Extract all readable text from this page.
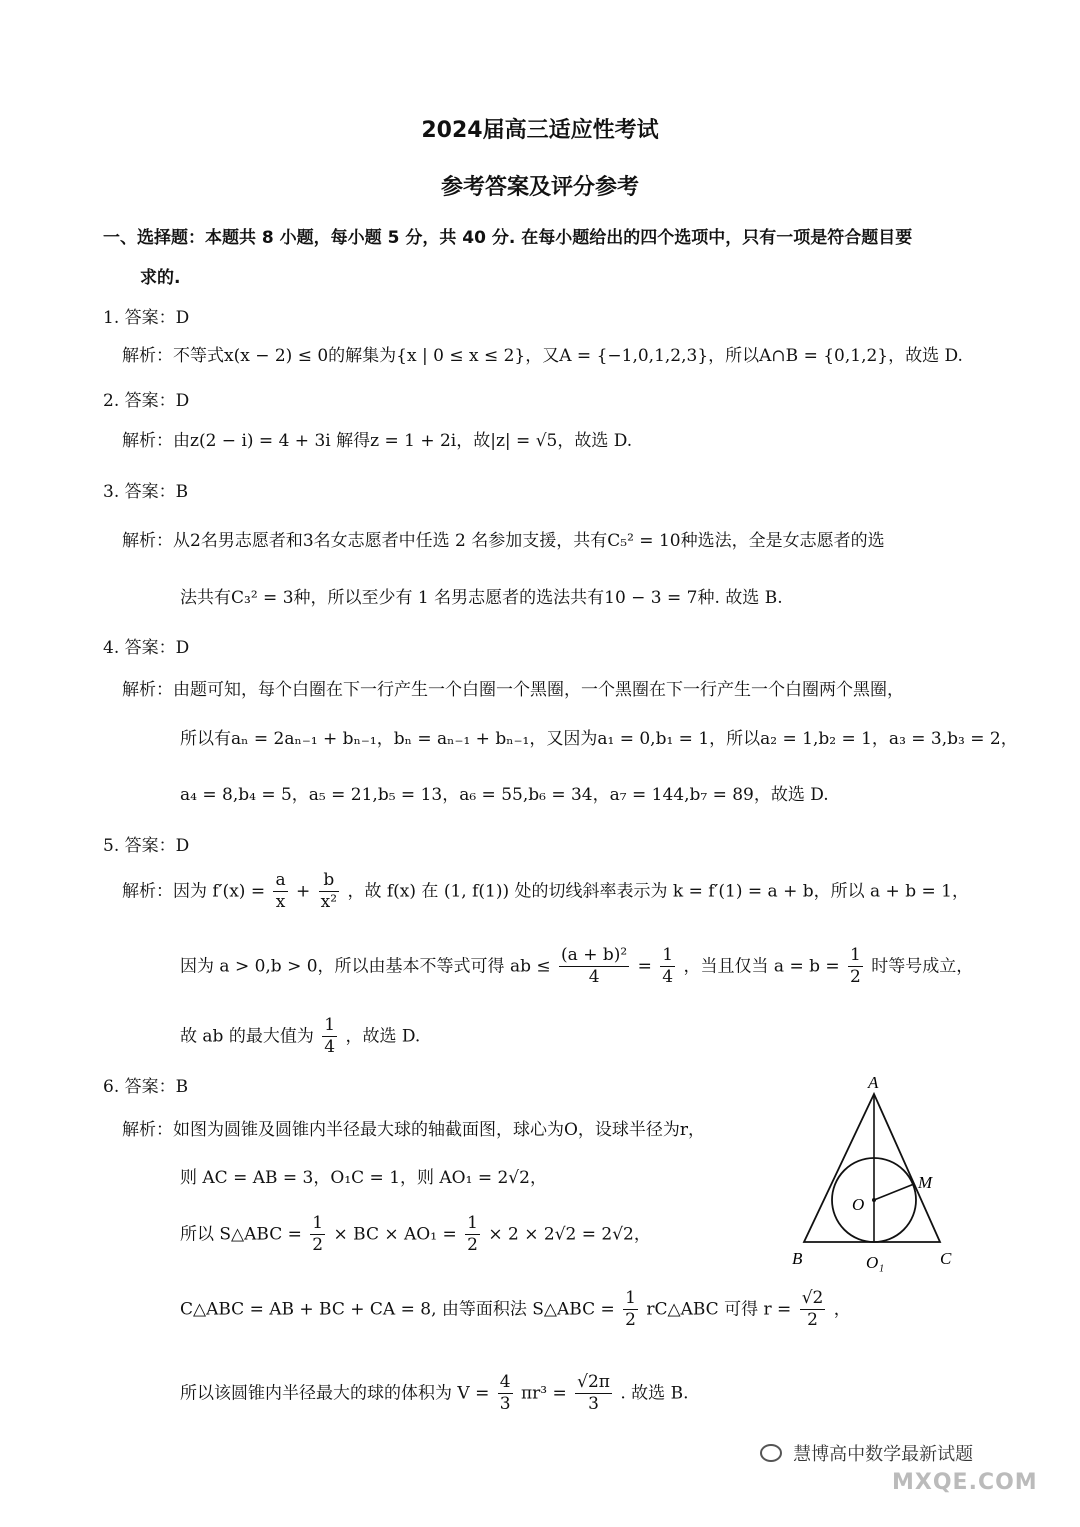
2024届高三适应性考试
参考答案及评分参考
一、选择题：本题共 8 小题，每小题 5 分，共 40 分. 在每小题给出的四个选项中，只有一项是符合题目要
求的.
1. 答案：D
解析：不等式x(x − 2) ≤ 0的解集为{x | 0 ≤ x ≤ 2}，又A = {−1,0,1,2,3}，所以A∩B = {0,1,2}，故选 D.
2. 答案：D
解析：由z(2 − i) = 4 + 3i 解得z = 1 + 2i，故|z| = √5，故选 D.
3. 答案：B
解析：从2名男志愿者和3名女志愿者中任选 2 名参加支援，共有C₅² = 10种选法，全是女志愿者的选
法共有C₃² = 3种，所以至少有 1 名男志愿者的选法共有10 − 3 = 7种. 故选 B.
4. 答案：D
解析：由题可知，每个白圈在下一行产生一个白圈一个黑圈，一个黑圈在下一行产生一个白圈两个黑圈，
所以有aₙ = 2aₙ₋₁ + bₙ₋₁，bₙ = aₙ₋₁ + bₙ₋₁，又因为a₁ = 0,b₁ = 1，所以a₂ = 1,b₂ = 1，a₃ = 3,b₃ = 2，
a₄ = 8,b₄ = 5，a₅ = 21,b₅ = 13，a₆ = 55,b₆ = 34，a₇ = 144,b₇ = 89，故选 D.
5. 答案：D
解析：因为 $f'(x) = \frac{a}{x} + \frac{b}{\text{x²}}$ ，故 f(x) 在 (1, f(1)) 处的切线斜率表示为 k = f′(1) = a + b，所以 a + b = 1，
因为 a > 0,b > 0，所以由基本不等式可得 ab ≤ $\frac{\text{(a + b)²}}{4} = \frac{1}{4}$ ，当且仅当 $a = b = \frac{1}{2}$ 时等号成立，
故 ab 的最大值为 $\frac{1}{4}$ ，故选 D.
6. 答案：B
解析：如图为圆锥及圆锥内半径最大球的轴截面图，球心为O，设球半径为r，
则 AC = AB = 3，O₁C = 1，则 AO₁ = 2√2，
所以 S△ABC = $\frac{1}{2}$ × BC × $AO_1 = \frac{1}{2} \times 2 \times 2√2 = 2√2$，
C△ABC = AB + BC + CA = 8, 由等面积法 S△ABC = $\frac{1}{2}$ rC△ABC 可得 $r = \frac{√2}{2}$ ，
所以该圆锥内半径最大的球的体积为 $V = \frac{4}{3} \pi r^3 = \frac{√2\pi}{3}$ . 故选 B.
A
B	C
M
O
O₁
慧博高中数学最新试题
MXQE.COM
